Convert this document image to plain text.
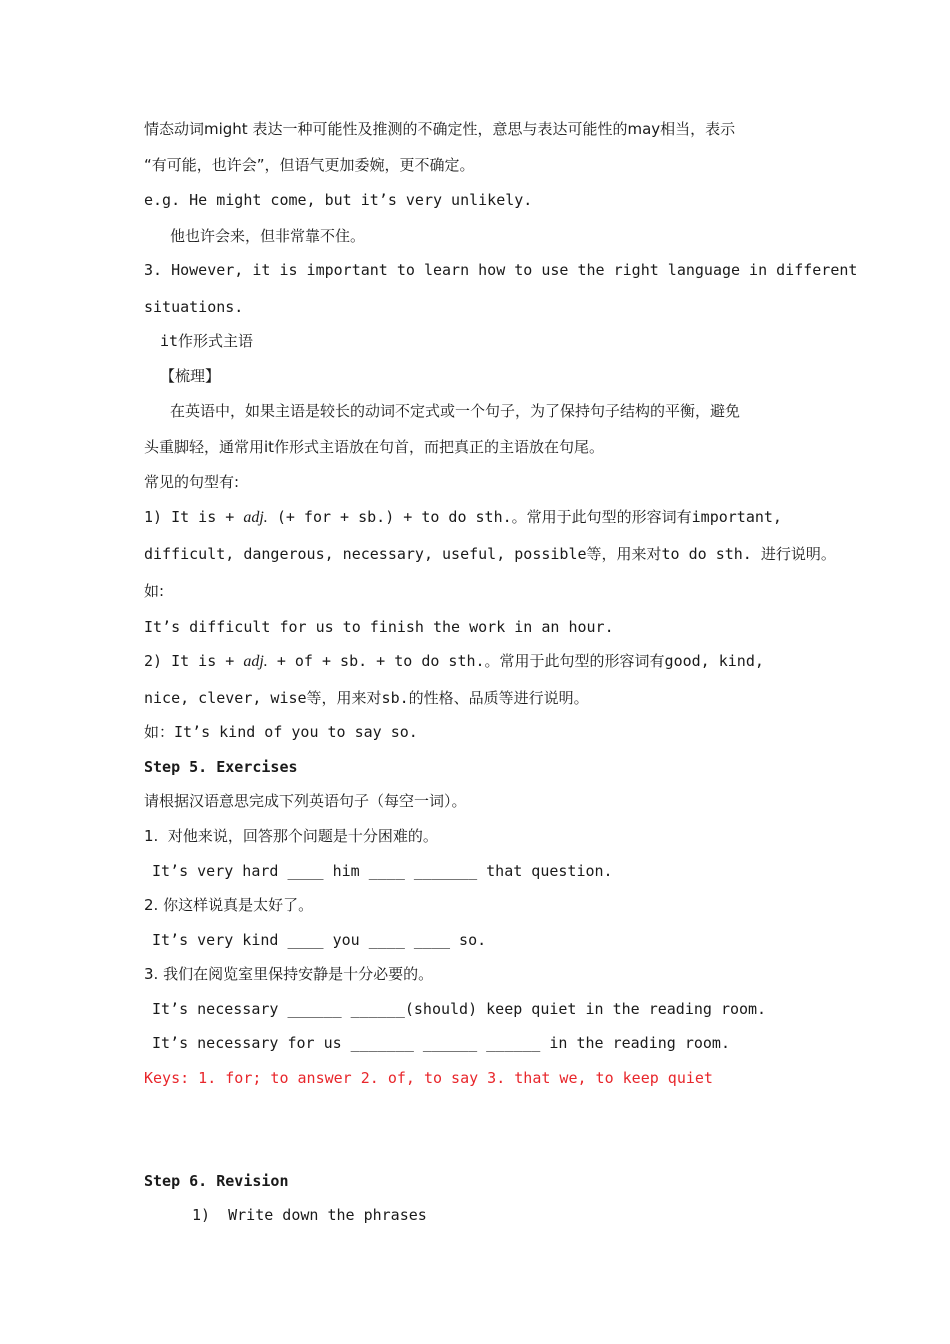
情态动词might 表达一种可能性及推测的不确定性，意思与表达可能性的may相当，表示
“有可能，也许会”，但语气更加委婉，更不确定。
e.g. He might come, but it’s very unlikely.
他也许会来，但非常靠不住。
3. However, it is important to learn how to use the right language in different
situations.
it作形式主语
【梳理】
在英语中，如果主语是较长的动词不定式或一个句子，为了保持句子结构的平衡，避免
头重脚轻，通常用it作形式主语放在句首，而把真正的主语放在句尾。
常见的句型有:
1) It is + adj. (+ for + sb.) + to do sth.。常用于此句型的形容词有important,
difficult, dangerous, necessary, useful, possible等，用来对to do sth. 进行说明。
如:
It’s difficult for us to finish the work in an hour.
2) It is + adj. + of + sb. + to do sth.。常用于此句型的形容词有good, kind,
nice, clever, wise等，用来对sb.的性格、品质等进行说明。
如：It’s kind of you to say so.
Step 5. Exercises
请根据汉语意思完成下列英语句子（每空一词）。
1.  对他来说，回答那个问题是十分困难的。
It’s very hard ____ him ____ _______ that question.
2. 你这样说真是太好了。
It’s very kind ____ you ____ ____ so.
3. 我们在阅览室里保持安静是十分必要的。
It’s necessary ______ ______(should) keep quiet in the reading room.
It’s necessary for us _______ ______ ______ in the reading room.
Keys: 1. for; to answer 2. of, to say 3. that we, to keep quiet
Step 6. Revision
1)  Write down the phrases
